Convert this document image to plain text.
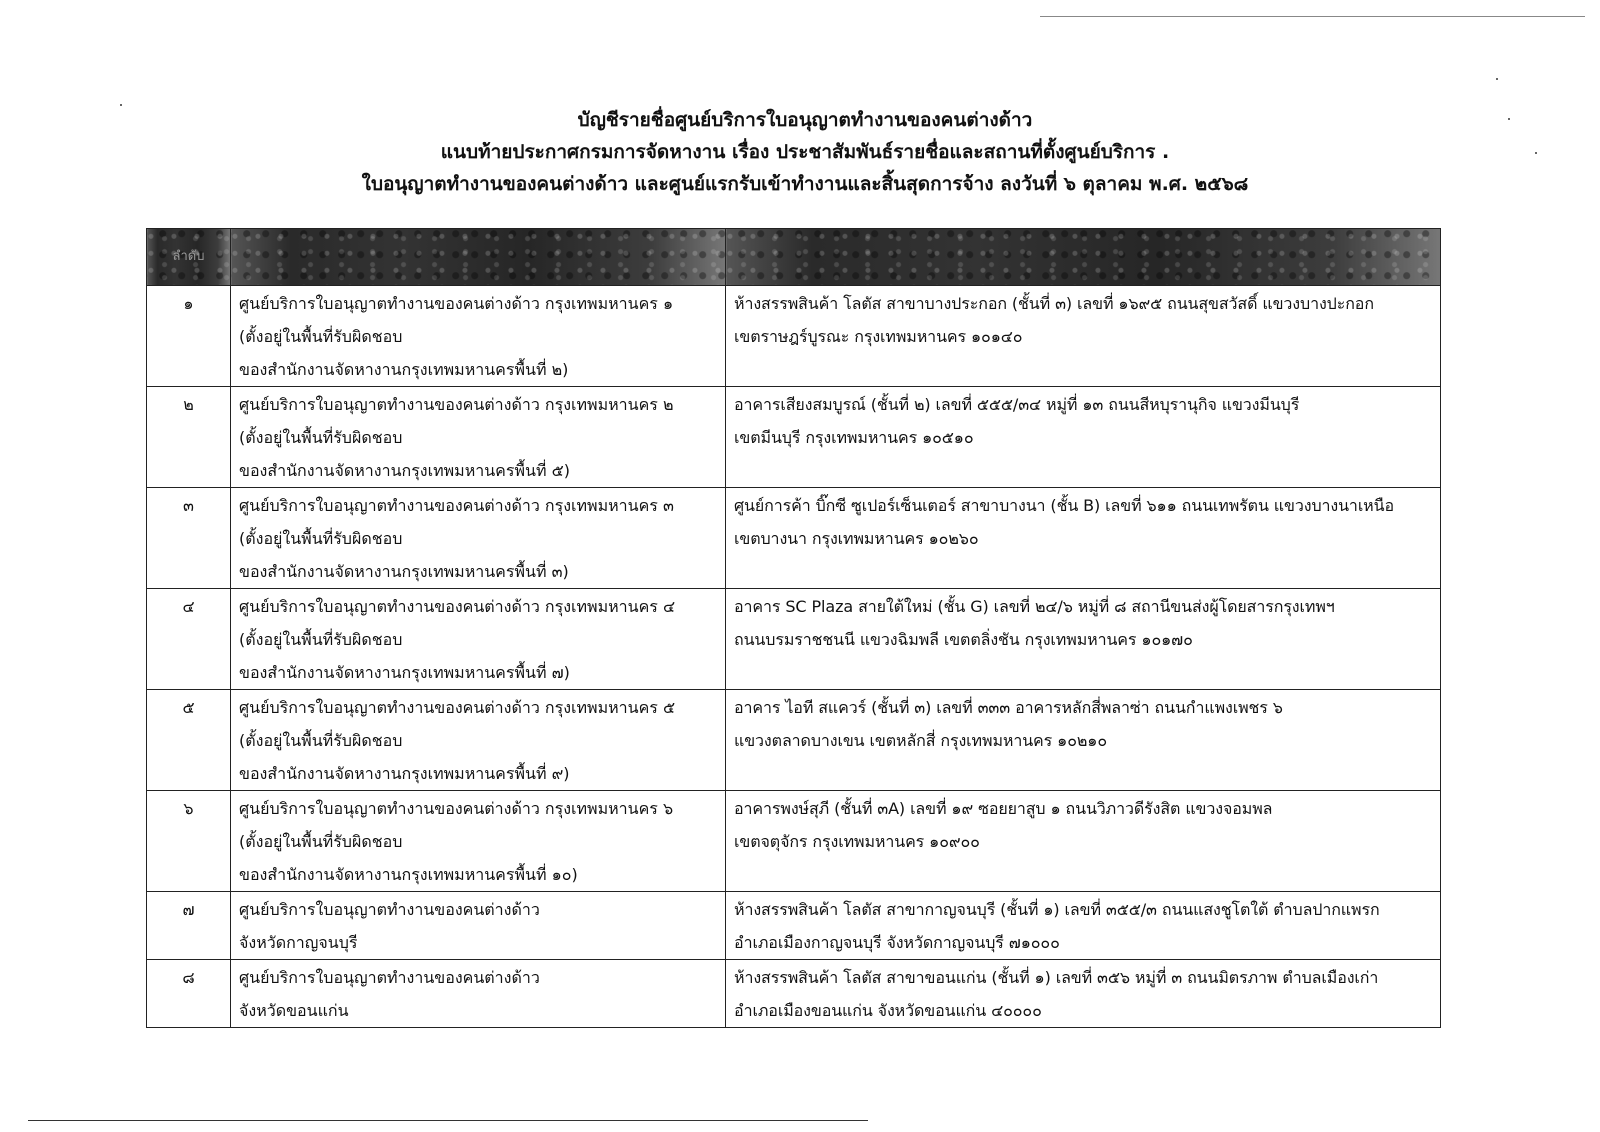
บัญชีรายชื่อศูนย์บริการใบอนุญาตทำงานของคนต่างด้าว
แนบท้ายประกาศกรมการจัดหางาน เรื่อง ประชาสัมพันธ์รายชื่อและสถานที่ตั้งศูนย์บริการ .
ใบอนุญาตทำงานของคนต่างด้าว และศูนย์แรกรับเข้าทำงานและสิ้นสุดการจ้าง ลงวันที่ ๖ ตุลาคม พ.ศ. ๒๕๖๘
ลำดับ		

๑	ศูนย์บริการใบอนุญาตทำงานของคนต่างด้าว กรุงเทพมหานคร ๑
(ตั้งอยู่ในพื้นที่รับผิดชอบ
ของสำนักงานจัดหางานกรุงเทพมหานครพื้นที่ ๒)	ห้างสรรพสินค้า โลตัส สาขาบางประกอก (ชั้นที่ ๓) เลขที่ ๑๖๙๕ ถนนสุขสวัสดิ์ แขวงบางปะกอก
เขตราษฎร์บูรณะ กรุงเทพมหานคร ๑๐๑๔๐

๒	ศูนย์บริการใบอนุญาตทำงานของคนต่างด้าว กรุงเทพมหานคร ๒
(ตั้งอยู่ในพื้นที่รับผิดชอบ
ของสำนักงานจัดหางานกรุงเทพมหานครพื้นที่ ๕)	อาคารเสียงสมบูรณ์ (ชั้นที่ ๒) เลขที่ ๕๕๕/๓๔ หมู่ที่ ๑๓ ถนนสีหบุรานุกิจ แขวงมีนบุรี
เขตมีนบุรี กรุงเทพมหานคร ๑๐๕๑๐

๓	ศูนย์บริการใบอนุญาตทำงานของคนต่างด้าว กรุงเทพมหานคร ๓
(ตั้งอยู่ในพื้นที่รับผิดชอบ
ของสำนักงานจัดหางานกรุงเทพมหานครพื้นที่ ๓)	ศูนย์การค้า บิ๊กซี ซูเปอร์เซ็นเตอร์ สาขาบางนา (ชั้น B) เลขที่ ๖๑๑ ถนนเทพรัตน แขวงบางนาเหนือ
เขตบางนา กรุงเทพมหานคร ๑๐๒๖๐

๔	ศูนย์บริการใบอนุญาตทำงานของคนต่างด้าว กรุงเทพมหานคร ๔
(ตั้งอยู่ในพื้นที่รับผิดชอบ
ของสำนักงานจัดหางานกรุงเทพมหานครพื้นที่ ๗)	อาคาร SC Plaza สายใต้ใหม่ (ชั้น G) เลขที่ ๒๔/๖ หมู่ที่ ๘ สถานีขนส่งผู้โดยสารกรุงเทพฯ
ถนนบรมราชชนนี แขวงฉิมพลี เขตตลิ่งชัน กรุงเทพมหานคร ๑๐๑๗๐

๕	ศูนย์บริการใบอนุญาตทำงานของคนต่างด้าว กรุงเทพมหานคร ๕
(ตั้งอยู่ในพื้นที่รับผิดชอบ
ของสำนักงานจัดหางานกรุงเทพมหานครพื้นที่ ๙)	อาคาร ไอที สแควร์ (ชั้นที่ ๓) เลขที่ ๓๓๓ อาคารหลักสี่พลาซ่า ถนนกำแพงเพชร ๖
แขวงตลาดบางเขน เขตหลักสี่ กรุงเทพมหานคร ๑๐๒๑๐

๖	ศูนย์บริการใบอนุญาตทำงานของคนต่างด้าว กรุงเทพมหานคร ๖
(ตั้งอยู่ในพื้นที่รับผิดชอบ
ของสำนักงานจัดหางานกรุงเทพมหานครพื้นที่ ๑๐)	อาคารพงษ์สุภี (ชั้นที่ ๓A) เลขที่ ๑๙ ซอยยาสูบ ๑ ถนนวิภาวดีรังสิต แขวงจอมพล
เขตจตุจักร กรุงเทพมหานคร ๑๐๙๐๐

๗	ศูนย์บริการใบอนุญาตทำงานของคนต่างด้าว
จังหวัดกาญจนบุรี	ห้างสรรพสินค้า โลตัส สาขากาญจนบุรี (ชั้นที่ ๑) เลขที่ ๓๕๕/๓ ถนนแสงชูโตใต้ ตำบลปากแพรก
อำเภอเมืองกาญจนบุรี จังหวัดกาญจนบุรี ๗๑๐๐๐

๘	ศูนย์บริการใบอนุญาตทำงานของคนต่างด้าว
จังหวัดขอนแก่น	ห้างสรรพสินค้า โลตัส สาขาขอนแก่น (ชั้นที่ ๑) เลขที่ ๓๕๖ หมู่ที่ ๓ ถนนมิตรภาพ ตำบลเมืองเก่า
อำเภอเมืองขอนแก่น จังหวัดขอนแก่น ๔๐๐๐๐
